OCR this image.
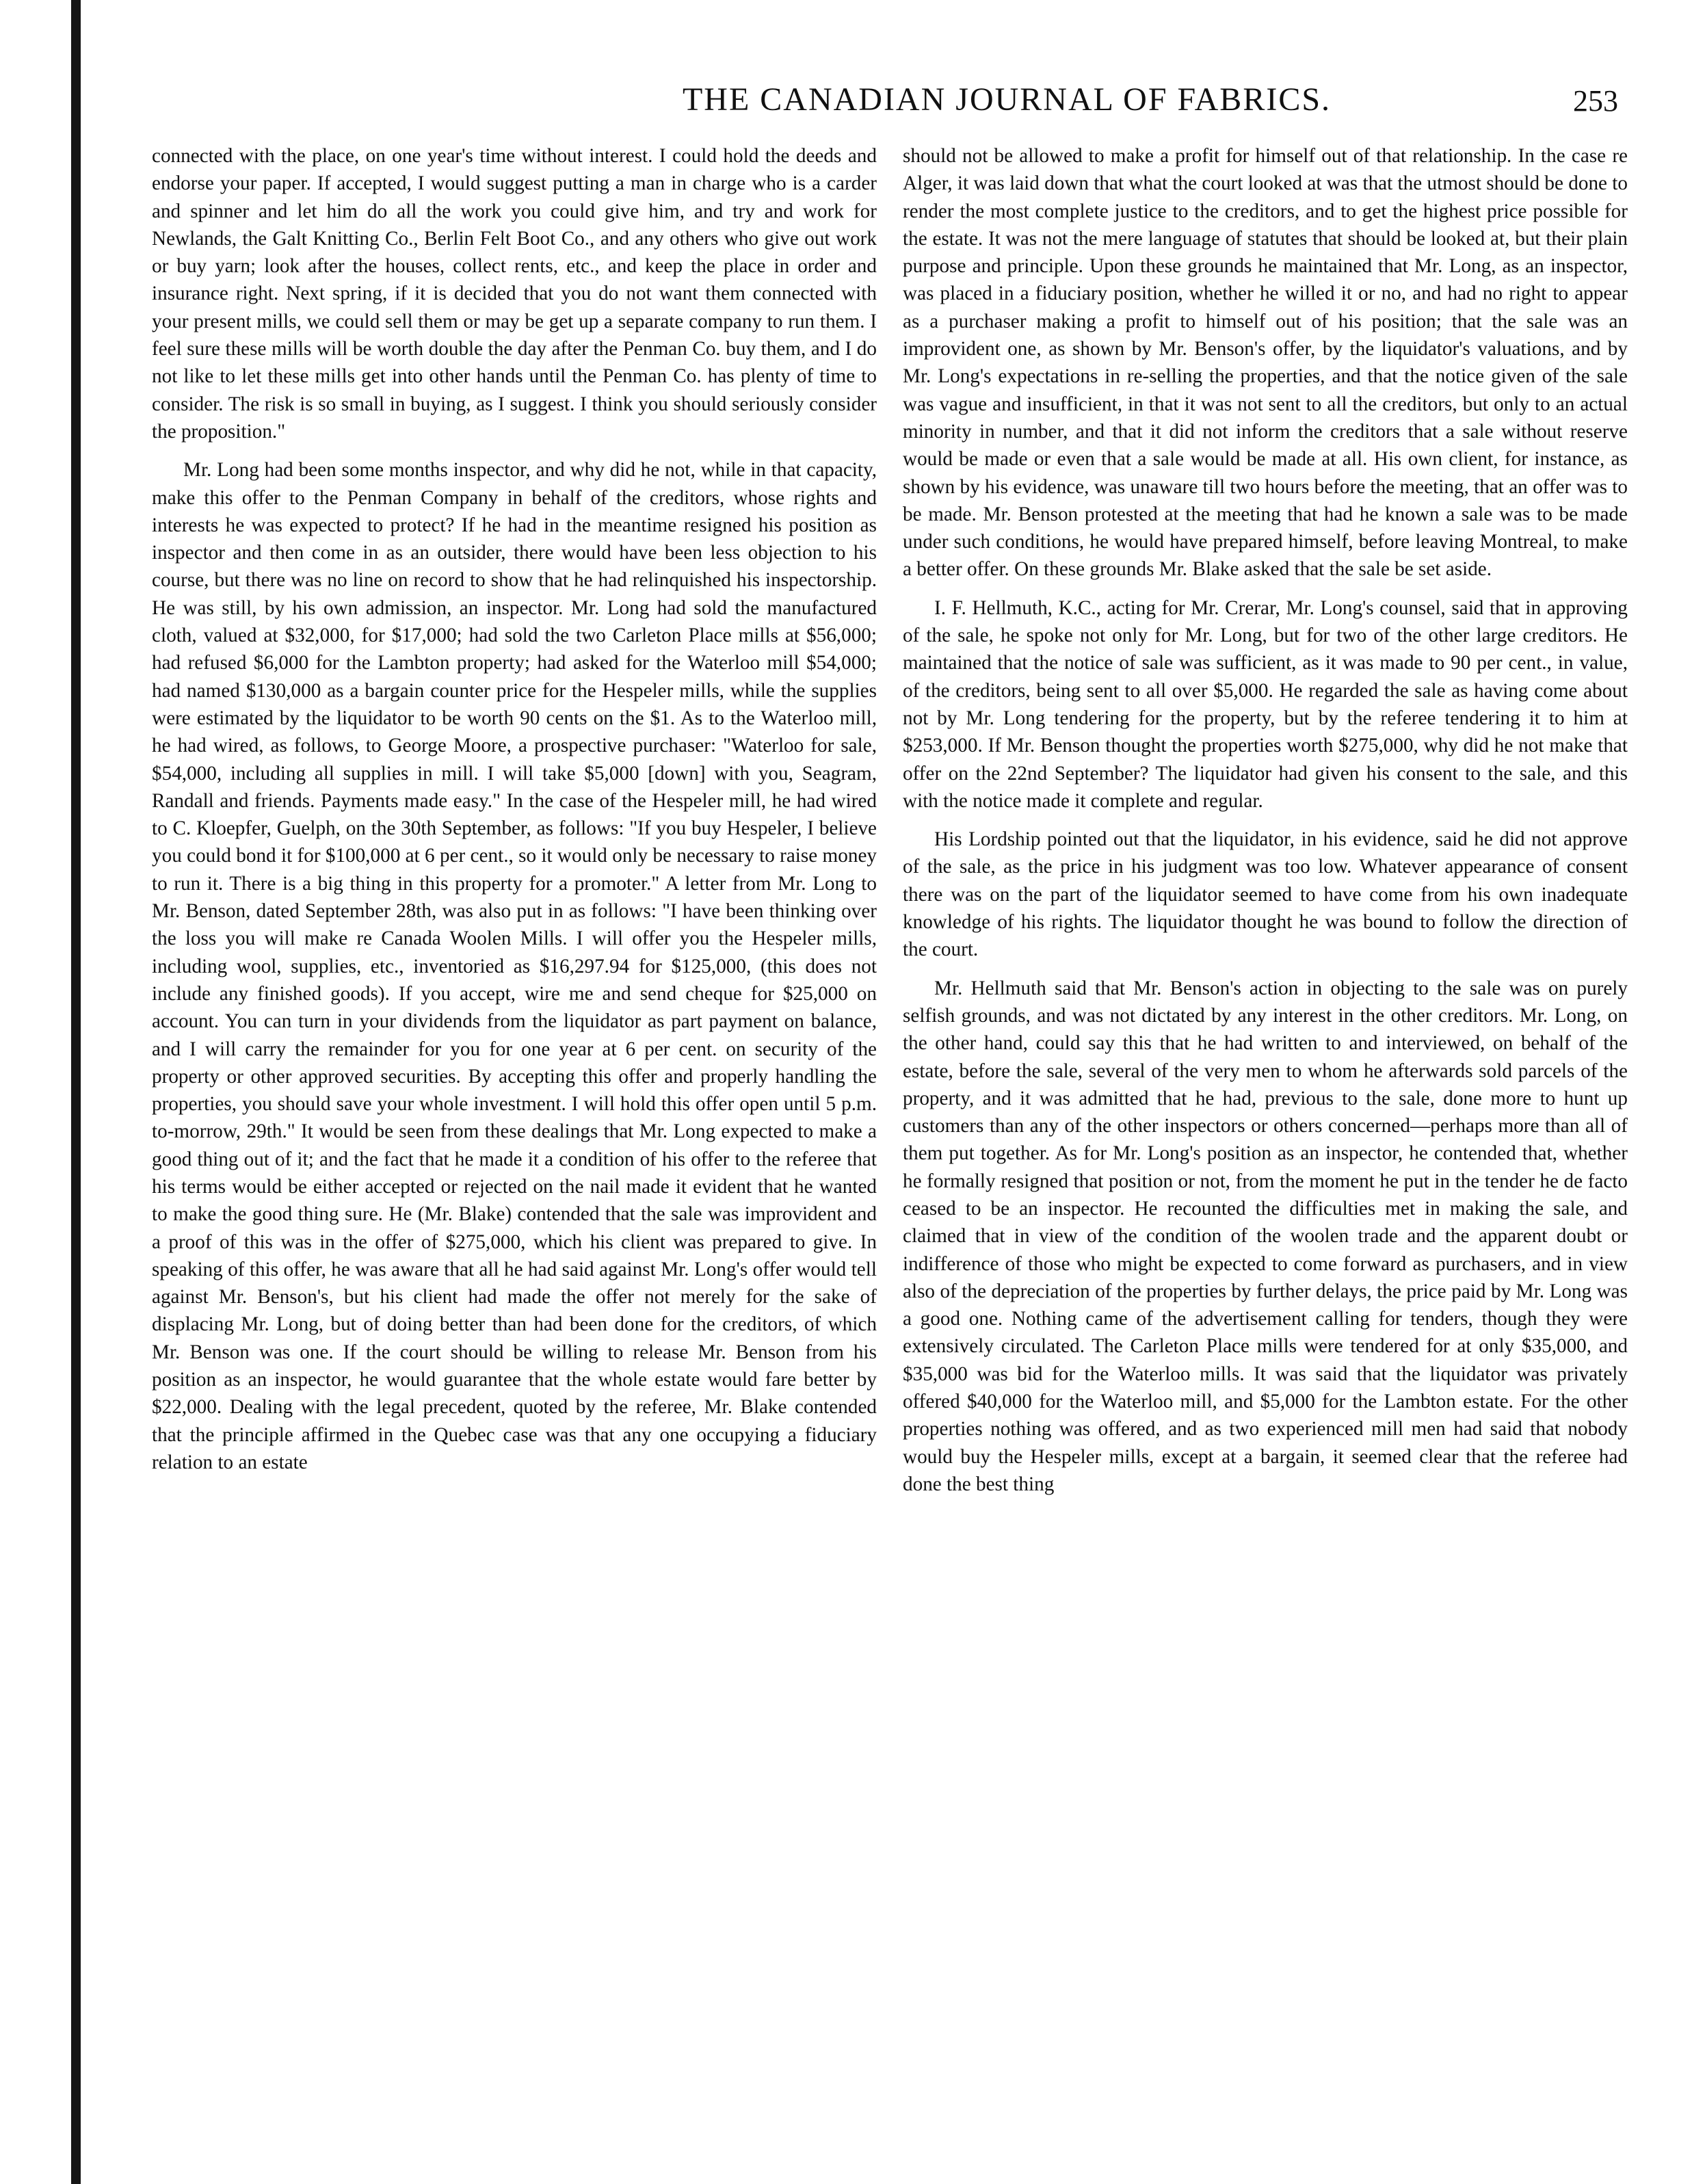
THE CANADIAN JOURNAL OF FABRICS.	253

connected with the place, on one year's time without interest. I could hold the deeds and endorse your paper. If accepted, I would suggest putting a man in charge who is a carder and spinner and let him do all the work you could give him, and try and work for Newlands, the Galt Knitting Co., Berlin Felt Boot Co., and any others who give out work or buy yarn; look after the houses, collect rents, etc., and keep the place in order and insurance right. Next spring, if it is decided that you do not want them connected with your present mills, we could sell them or may be get up a separate company to run them. I feel sure these mills will be worth double the day after the Penman Co. buy them, and I do not like to let these mills get into other hands until the Penman Co. has plenty of time to consider. The risk is so small in buying, as I suggest. I think you should seriously consider the proposition."

Mr. Long had been some months inspector, and why did he not, while in that capacity, make this offer to the Penman Company in behalf of the creditors, whose rights and interests he was expected to protect? If he had in the meantime resigned his position as inspector and then come in as an outsider, there would have been less objection to his course, but there was no line on record to show that he had relinquished his inspectorship. He was still, by his own admission, an inspector. Mr. Long had sold the manufactured cloth, valued at $32,000, for $17,000; had sold the two Carleton Place mills at $56,000; had refused $6,000 for the Lambton property; had asked for the Waterloo mill $54,000; had named $130,000 as a bargain counter price for the Hespeler mills, while the supplies were estimated by the liquidator to be worth 90 cents on the $1. As to the Waterloo mill, he had wired, as follows, to George Moore, a prospective purchaser: "Waterloo for sale, $54,000, including all supplies in mill. I will take $5,000 [down] with you, Seagram, Randall and friends. Payments made easy." In the case of the Hespeler mill, he had wired to C. Kloepfer, Guelph, on the 30th September, as follows: "If you buy Hespeler, I believe you could bond it for $100,000 at 6 per cent., so it would only be necessary to raise money to run it. There is a big thing in this property for a promoter." A letter from Mr. Long to Mr. Benson, dated September 28th, was also put in as follows: "I have been thinking over the loss you will make re Canada Woolen Mills. I will offer you the Hespeler mills, including wool, supplies, etc., inventoried as $16,297.94 for $125,000, (this does not include any finished goods). If you accept, wire me and send cheque for $25,000 on account. You can turn in your dividends from the liquidator as part payment on balance, and I will carry the remainder for you for one year at 6 per cent. on security of the property or other approved securities. By accepting this offer and properly handling the properties, you should save your whole investment. I will hold this offer open until 5 p.m. to-morrow, 29th." It would be seen from these dealings that Mr. Long expected to make a good thing out of it; and the fact that he made it a condition of his offer to the referee that his terms would be either accepted or rejected on the nail made it evident that he wanted to make the good thing sure. He (Mr. Blake) contended that the sale was improvident and a proof of this was in the offer of $275,000, which his client was prepared to give. In speaking of this offer, he was aware that all he had said against Mr. Long's offer would tell against Mr. Benson's, but his client had made the offer not merely for the sake of displacing Mr. Long, but of doing better than had been done for the creditors, of which Mr. Benson was one. If the court should be willing to release Mr. Benson from his position as an inspector, he would guarantee that the whole estate would fare better by $22,000. Dealing with the legal precedent, quoted by the referee, Mr. Blake contended that the principle affirmed in the Quebec case was that any one occupying a fiduciary relation to an estate

should not be allowed to make a profit for himself out of that relationship. In the case re Alger, it was laid down that what the court looked at was that the utmost should be done to render the most complete justice to the creditors, and to get the highest price possible for the estate. It was not the mere language of statutes that should be looked at, but their plain purpose and principle. Upon these grounds he maintained that Mr. Long, as an inspector, was placed in a fiduciary position, whether he willed it or no, and had no right to appear as a purchaser making a profit to himself out of his position; that the sale was an improvident one, as shown by Mr. Benson's offer, by the liquidator's valuations, and by Mr. Long's expectations in re-selling the properties, and that the notice given of the sale was vague and insufficient, in that it was not sent to all the creditors, but only to an actual minority in number, and that it did not inform the creditors that a sale without reserve would be made or even that a sale would be made at all. His own client, for instance, as shown by his evidence, was unaware till two hours before the meeting, that an offer was to be made. Mr. Benson protested at the meeting that had he known a sale was to be made under such conditions, he would have prepared himself, before leaving Montreal, to make a better offer. On these grounds Mr. Blake asked that the sale be set aside.

I. F. Hellmuth, K.C., acting for Mr. Crerar, Mr. Long's counsel, said that in approving of the sale, he spoke not only for Mr. Long, but for two of the other large creditors. He maintained that the notice of sale was sufficient, as it was made to 90 per cent., in value, of the creditors, being sent to all over $5,000. He regarded the sale as having come about not by Mr. Long tendering for the property, but by the referee tendering it to him at $253,000. If Mr. Benson thought the properties worth $275,000, why did he not make that offer on the 22nd September? The liquidator had given his consent to the sale, and this with the notice made it complete and regular.

His Lordship pointed out that the liquidator, in his evidence, said he did not approve of the sale, as the price in his judgment was too low. Whatever appearance of consent there was on the part of the liquidator seemed to have come from his own inadequate knowledge of his rights. The liquidator thought he was bound to follow the direction of the court.

Mr. Hellmuth said that Mr. Benson's action in objecting to the sale was on purely selfish grounds, and was not dictated by any interest in the other creditors. Mr. Long, on the other hand, could say this that he had written to and interviewed, on behalf of the estate, before the sale, several of the very men to whom he afterwards sold parcels of the property, and it was admitted that he had, previous to the sale, done more to hunt up customers than any of the other inspectors or others concerned—perhaps more than all of them put together. As for Mr. Long's position as an inspector, he contended that, whether he formally resigned that position or not, from the moment he put in the tender he de facto ceased to be an inspector. He recounted the difficulties met in making the sale, and claimed that in view of the condition of the woolen trade and the apparent doubt or indifference of those who might be expected to come forward as purchasers, and in view also of the depreciation of the properties by further delays, the price paid by Mr. Long was a good one. Nothing came of the advertisement calling for tenders, though they were extensively circulated. The Carleton Place mills were tendered for at only $35,000, and $35,000 was bid for the Waterloo mills. It was said that the liquidator was privately offered $40,000 for the Waterloo mill, and $5,000 for the Lambton estate. For the other properties nothing was offered, and as two experienced mill men had said that nobody would buy the Hespeler mills, except at a bargain, it seemed clear that the referee had done the best thing
